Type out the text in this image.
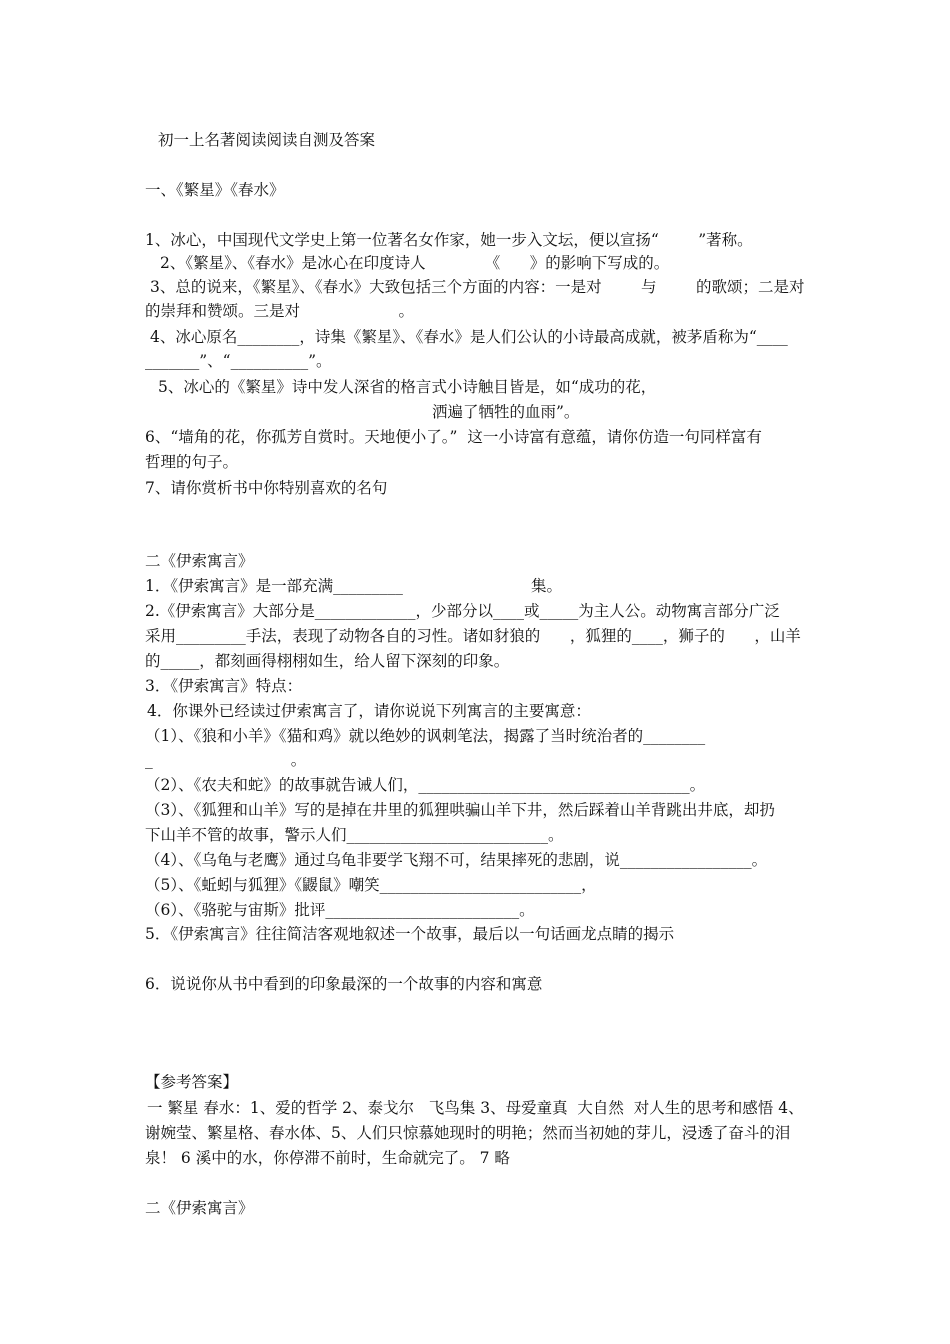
初一上名著阅读阅读自测及答案

一、《繁星》《春水》

1、冰心，中国现代文学史上第一位著名女作家，她一步入文坛，便以宣扬“        ”著称。

2、《繁星》、《春水》是冰心在印度诗人            《      》的影响下写成的。

3、总的说来，《繁星》、《春水》大致包括三个方面的内容：一是对        与        的歌颂；二是对

的崇拜和赞颂。三是对                    。

4、冰心原名________，诗集《繁星》、《春水》是人们公认的小诗最高成就，被茅盾称为“____

_______”、“__________”。

5、冰心的《繁星》诗中发人深省的格言式小诗触目皆是，如“成功的花，

洒遍了牺牲的血雨”。

6、“墙角的花，你孤芳自赏时。天地便小了。”  这一小诗富有意蕴，请你仿造一句同样富有

哲理的句子。

7、请你赏析书中你特别喜欢的名句

二《伊索寓言》

1．《伊索寓言》是一部充满_________                          集。

2.《伊索寓言》大部分是_____________，少部分以____或_____为主人公。动物寓言部分广泛

采用_________手法，表现了动物各自的习性。诸如豺狼的      ，狐狸的____，狮子的      ，山羊

的_____，都刻画得栩栩如生，给人留下深刻的印象。

3．《伊索寓言》特点：

4．你课外已经读过伊索寓言了，请你说说下列寓言的主要寓意：

（1）、《狼和小羊》《猫和鸡》就以绝妙的讽刺笔法，揭露了当时统治者的________

_                            。

（2）、《农夫和蛇》的故事就告诫人们，___________________________________。

（3）、《狐狸和山羊》写的是掉在井里的狐狸哄骗山羊下井，然后踩着山羊背跳出井底，却扔

下山羊不管的故事，警示人们__________________________。

（4）、《乌龟与老鹰》通过乌龟非要学飞翔不可，结果摔死的悲剧，说_________________。

（5）、《蚯蚓与狐狸》《鼹鼠》嘲笑__________________________，

（6）、《骆驼与宙斯》批评_________________________。

5．《伊索寓言》往往简洁客观地叙述一个故事，最后以一句话画龙点睛的揭示

6．说说你从书中看到的印象最深的一个故事的内容和寓意

【参考答案】

一 繁星 春水：1、爱的哲学 2、泰戈尔   飞鸟集 3、母爱童真  大自然  对人生的思考和感悟 4、

谢婉莹、繁星格、春水体、5、人们只惊慕她现时的明艳；然而当初她的芽儿，浸透了奋斗的泪

泉！ 6 溪中的水，你停滞不前时，生命就完了。 7 略

二《伊索寓言》
